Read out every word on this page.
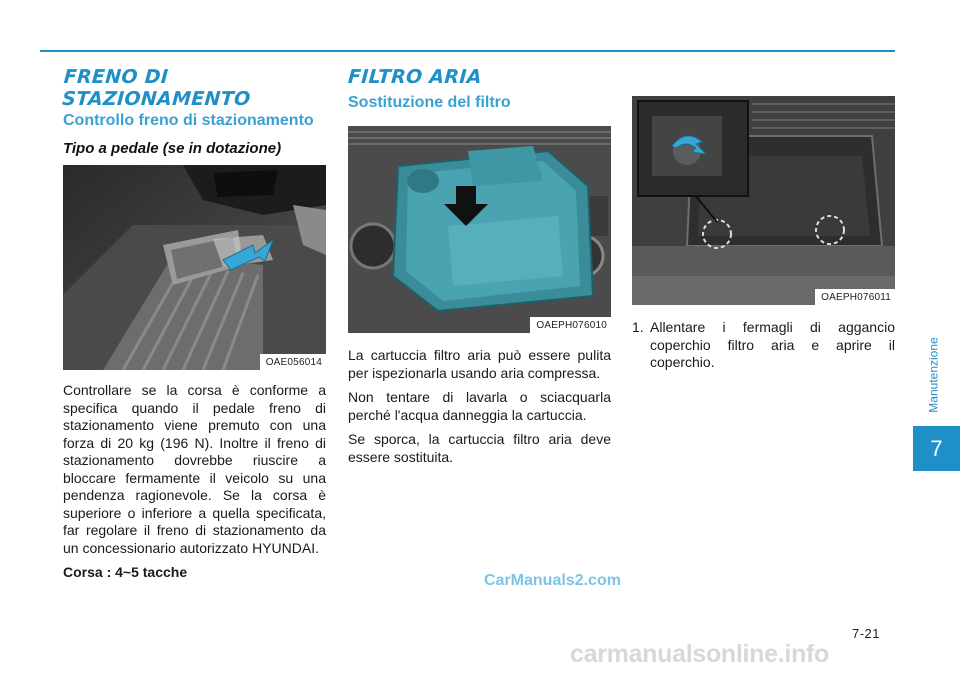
FRENO DI STAZIONAMENTO
Controllo freno di stazionamento
Tipo a pedale (se in dotazione)
OAE056014

Controllare se la corsa è conforme a specifica quando il pedale freno di stazionamento viene premuto con una forza di 20 kg (196 N). Inoltre il freno di stazionamento dovrebbe riuscire a bloccare fermamente il veicolo su una pendenza ragionevole. Se la corsa è superiore o inferiore a quella specificata, far regolare il freno di stazionamento da un concessionario autorizzato HYUNDAI.

Corsa : 4~5 tacche

FILTRO ARIA
Sostituzione del filtro
OAEPH076010

La cartuccia filtro aria può essere pulita per ispezionarla usando aria compressa.

Non tentare di lavarla o sciacquarla perché l'acqua danneggia la cartuccia.

Se sporca, la cartuccia filtro aria deve essere sostituita.

OAEPH076011
1. Allentare i fermagli di aggancio coperchio filtro aria e aprire il coperchio.	Manutenzione
7
7-21
CarManuals2.com
carmanualsonline.info
